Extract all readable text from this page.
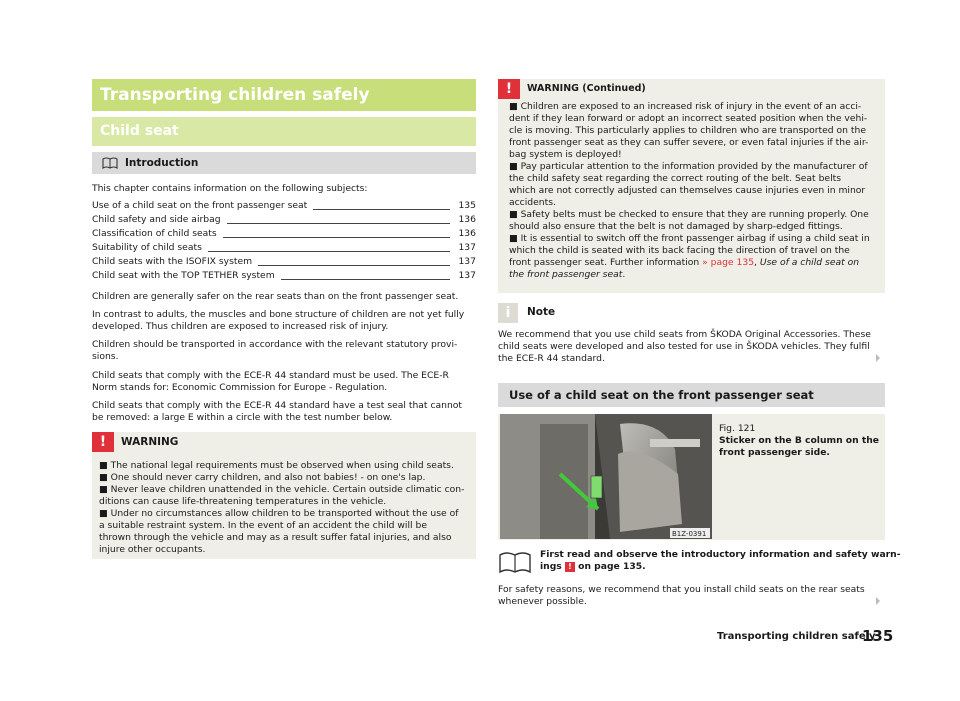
Transporting children safely
Child seat
Introduction
This chapter contains information on the following subjects:
Use of a child seat on the front passenger seat	135
Child safety and side airbag	136
Classification of child seats	136
Suitability of child seats	137
Child seats with the ISOFIX system	137
Child seat with the TOP TETHER system	137
Children are generally safer on the rear seats than on the front passenger seat.
In contrast to adults, the muscles and bone structure of children are not yet fully
developed. Thus children are exposed to increased risk of injury.
Children should be transported in accordance with the relevant statutory provi-
sions.
Child seats that comply with the ECE-R 44 standard must be used. The ECE-R
Norm stands for: Economic Commission for Europe - Regulation.
Child seats that comply with the ECE-R 44 standard have a test seal that cannot
be removed: a large E within a circle with the test number below.
!	WARNING
■ The national legal requirements must be observed when using child seats.
■ One should never carry children, and also not babies! - on one's lap.
■ Never leave children unattended in the vehicle. Certain outside climatic con-
ditions can cause life-threatening temperatures in the vehicle.
■ Under no circumstances allow children to be transported without the use of
a suitable restraint system. In the event of an accident the child will be
thrown through the vehicle and may as a result suffer fatal injuries, and also
injure other occupants.
!	WARNING (Continued)
■ Children are exposed to an increased risk of injury in the event of an acci-
dent if they lean forward or adopt an incorrect seated position when the vehi-
cle is moving. This particularly applies to children who are transported on the
front passenger seat as they can suffer severe, or even fatal injuries if the air-
bag system is deployed!
■ Pay particular attention to the information provided by the manufacturer of
the child safety seat regarding the correct routing of the belt. Seat belts
which are not correctly adjusted can themselves cause injuries even in minor
accidents.
■ Safety belts must be checked to ensure that they are running properly. One
should also ensure that the belt is not damaged by sharp-edged fittings.
■ It is essential to switch off the front passenger airbag if using a child seat in
which the child is seated with its back facing the direction of travel on the
front passenger seat. Further information » page 135, Use of a child seat on
the front passenger seat.
i	Note
We recommend that you use child seats from ŠKODA Original Accessories. These
child seats were developed and also tested for use in ŠKODA vehicles. They fulfil
the ECE-R 44 standard.
Use of a child seat on the front passenger seat
B1Z-0391
Fig. 121
Sticker on the B column on the
front passenger side.
First read and observe the introductory information and safety warn-
ings ! on page 135.
For safety reasons, we recommend that you install child seats on the rear seats
whenever possible.
Transporting children safely
135
